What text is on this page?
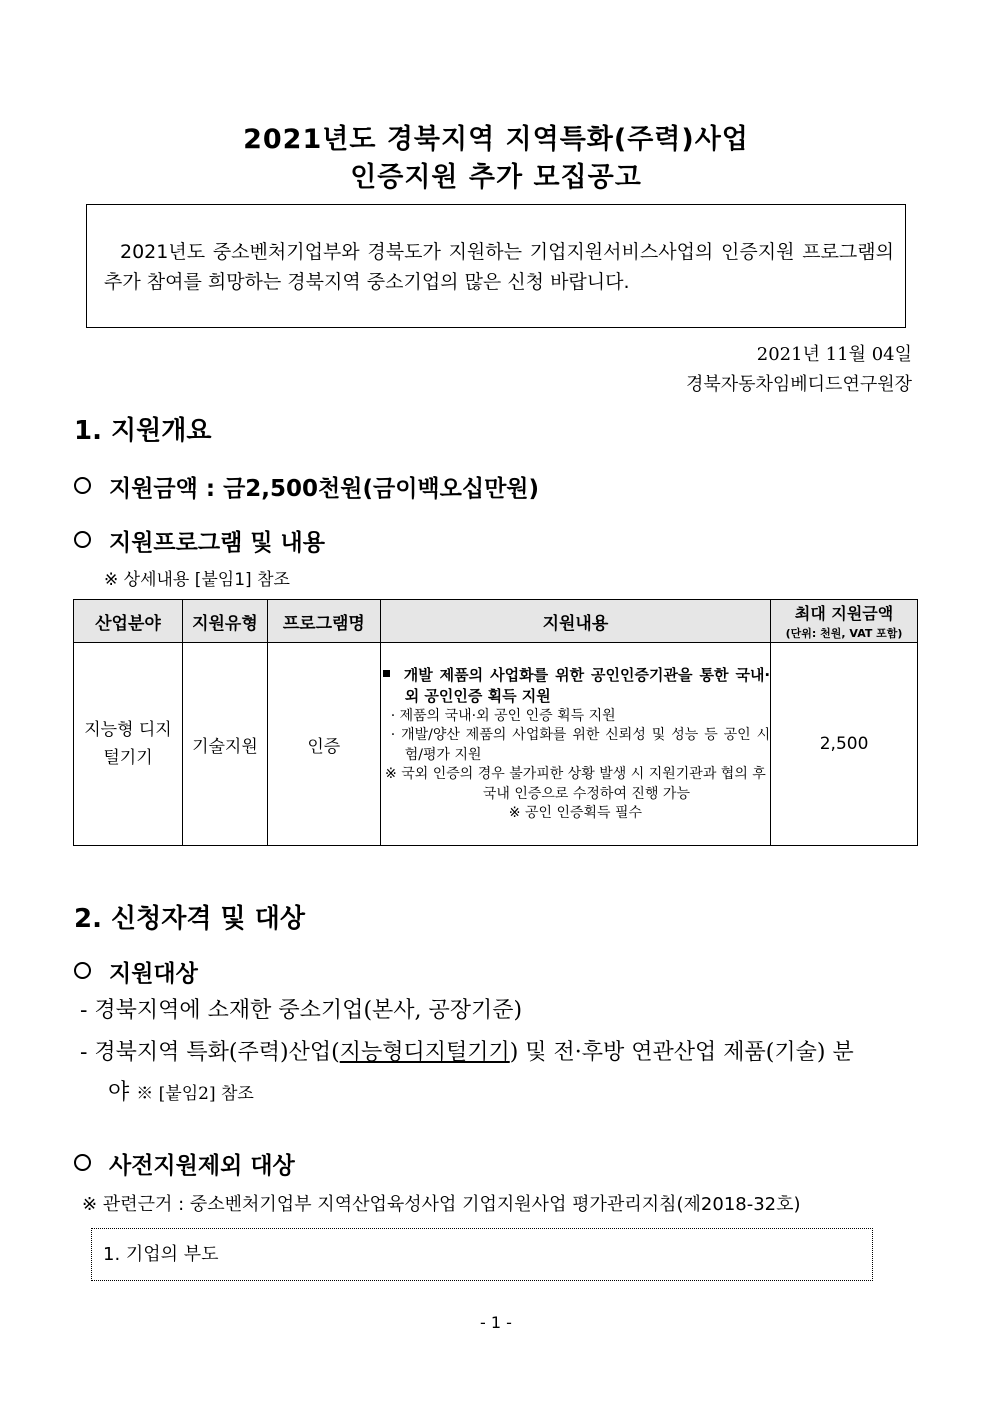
2021년도 경북지역 지역특화(주력)사업
인증지원 추가 모집공고
2021년도 중소벤처기업부와 경북도가 지원하는 기업지원서비스사업의 인증지원 프로그램의 추가 참여를 희망하는 경북지역 중소기업의 많은 신청 바랍니다.
2021년 11월 04일
경북자동차임베디드연구원장
1. 지원개요
지원금액 : 금2,500천원(금이백오십만원)
지원프로그램 및 내용
※ 상세내용 [붙임1] 참조
산업분야	지원유형	프로그램명	지원내용	최대 지원금액
(단위: 천원, VAT 포함)

지능형 디지털기기	기술지원	인증	개발 제품의 사업화를 위한 공인인증기관을 통한 국내·외 공인인증 획득 지원
· 제품의 국내·외 공인 인증 획득 지원
· 개발/양산 제품의 사업화를 위한 신뢰성 및 성능 등 공인 시험/평가 지원
※ 국외 인증의 경우 불가피한 상황 발생 시 지원기관과 협의 후 국내 인증으로 수정하여 진행 가능
※ 공인 인증획득 필수	2,500
2. 신청자격 및 대상
지원대상
- 경북지역에 소재한 중소기업(본사, 공장기준)
- 경북지역 특화(주력)산업(지능형디지털기기) 및 전·후방 연관산업 제품(기술) 분
야 ※ [붙임2] 참조
사전지원제외 대상
※ 관련근거 : 중소벤처기업부 지역산업육성사업 기업지원사업 평가관리지침(제2018-32호)
1. 기업의 부도
- 1 -
